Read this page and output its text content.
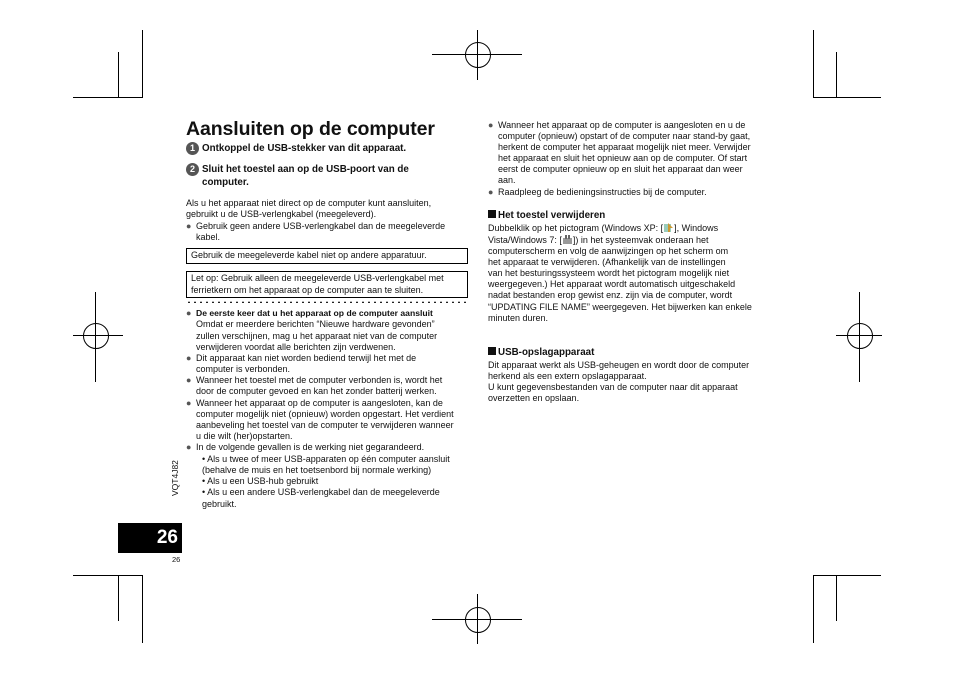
Aansluiten op de computer
1 Ontkoppel de USB-stekker van dit apparaat.
2 Sluit het toestel aan op de USB-poort van de
computer.
Als u het apparaat niet direct op de computer kunt aansluiten,
gebruikt u de USB-verlengkabel (meegeleverd).
● Gebruik geen andere USB-verlengkabel dan de meegeleverde
kabel.
Gebruik de meegeleverde kabel niet op andere apparatuur.
Let op: Gebruik alleen de meegeleverde USB-verlengkabel met
ferrietkern om het apparaat op de computer aan te sluiten.
● De eerste keer dat u het apparaat op de computer aansluit
Omdat er meerdere berichten “Nieuwe hardware gevonden”
zullen verschijnen, mag u het apparaat niet van de computer
verwijderen voordat alle berichten zijn verdwenen.
● Dit apparaat kan niet worden bediend terwijl het met de
computer is verbonden.
● Wanneer het toestel met de computer verbonden is, wordt het
door de computer gevoed en kan het zonder batterij werken.
● Wanneer het apparaat op de computer is aangesloten, kan de
computer mogelijk niet (opnieuw) worden opgestart. Het verdient
aanbeveling het toestel van de computer te verwijderen wanneer
u die wilt (her)opstarten.
● In de volgende gevallen is de werking niet gegarandeerd.
• Als u twee of meer USB-apparaten op één computer aansluit
(behalve de muis en het toetsenbord bij normale werking)
• Als u een USB-hub gebruikt
• Als u een andere USB-verlengkabel dan de meegeleverde
gebruikt.
● Wanneer het apparaat op de computer is aangesloten en u de
computer (opnieuw) opstart of de computer naar stand-by gaat,
herkent de computer het apparaat mogelijk niet meer. Verwijder
het apparaat en sluit het opnieuw aan op de computer. Of start
eerst de computer opnieuw op en sluit het apparaat dan weer
aan.
● Raadpleeg de bedieningsinstructies bij de computer.
Het toestel verwijderen
Dubbelklik op het pictogram (Windows XP: [ ], Windows
Vista/Windows 7: [ ]) in het systeemvak onderaan het
computerscherm en volg de aanwijzingen op het scherm om
het apparaat te verwijderen. (Afhankelijk van de instellingen
van het besturingssysteem wordt het pictogram mogelijk niet
weergegeven.) Het apparaat wordt automatisch uitgeschakeld
nadat bestanden erop gewist enz. zijn via de computer, wordt
“UPDATING FILE NAME” weergegeven. Het bijwerken kan enkele
minuten duren.
USB-opslagapparaat
Dit apparaat werkt als USB-geheugen en wordt door de computer
herkend als een extern opslagapparaat.
U kunt gegevensbestanden van de computer naar dit apparaat
overzetten en opslaan.
VQT4J82
26
26
